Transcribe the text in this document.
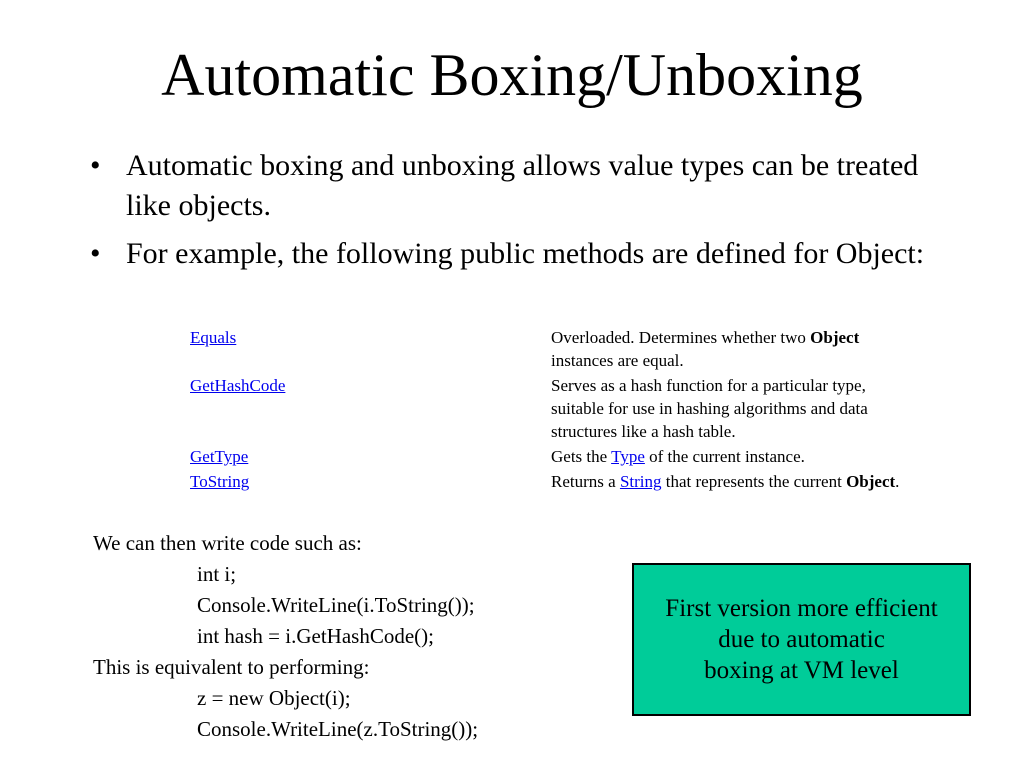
Automatic Boxing/Unboxing
• Automatic boxing and unboxing allows value types can be treated like objects.
• For example, the following public methods are defined for Object:
Equals	Overloaded. Determines whether two Object instances are equal.
GetHashCode	Serves as a hash function for a particular type, suitable for use in hashing algorithms and data structures like a hash table.
GetType	Gets the Type of the current instance.
ToString	Returns a String that represents the current Object.
We can then write code such as:
int i;
Console.WriteLine(i.ToString());
int hash = i.GetHashCode();
This is equivalent to performing:
z = new Object(i);
Console.WriteLine(z.ToString());
First version more efficient
due to automatic
boxing at VM level
